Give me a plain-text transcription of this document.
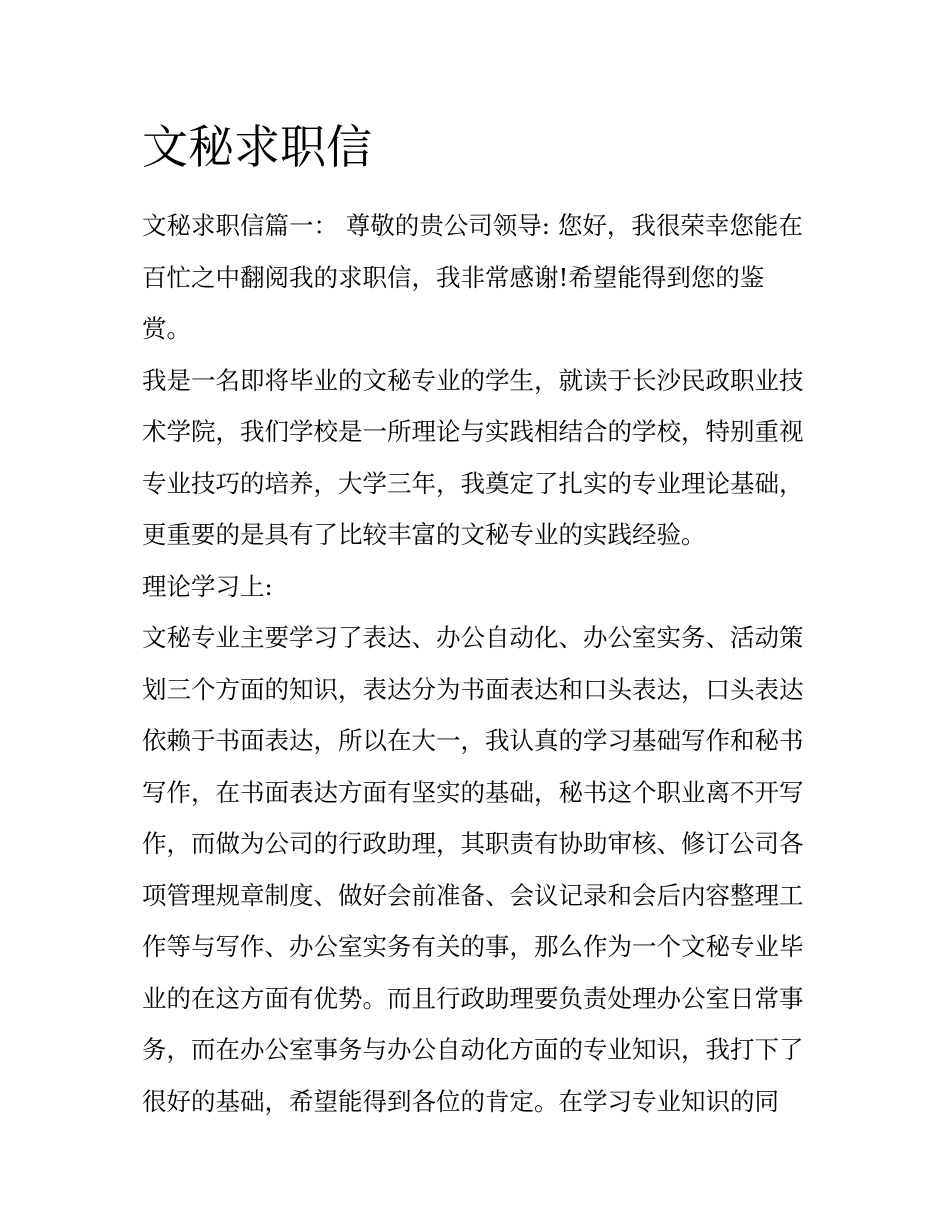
文秘求职信

文秘求职信篇一： 尊敬的贵公司领导: 您好，我很荣幸您能在
百忙之中翻阅我的求职信，我非常感谢!希望能得到您的鉴
赏。

我是一名即将毕业的文秘专业的学生，就读于长沙民政职业技
术学院，我们学校是一所理论与实践相结合的学校，特别重视
专业技巧的培养，大学三年，我奠定了扎实的专业理论基础，
更重要的是具有了比较丰富的文秘专业的实践经验。

理论学习上:

文秘专业主要学习了表达、办公自动化、办公室实务、活动策
划三个方面的知识，表达分为书面表达和口头表达，口头表达
依赖于书面表达，所以在大一，我认真的学习基础写作和秘书
写作，在书面表达方面有坚实的基础，秘书这个职业离不开写
作，而做为公司的行政助理，其职责有协助审核、修订公司各
项管理规章制度、做好会前准备、会议记录和会后内容整理工
作等与写作、办公室实务有关的事，那么作为一个文秘专业毕
业的在这方面有优势。而且行政助理要负责处理办公室日常事
务，而在办公室事务与办公自动化方面的专业知识，我打下了
很好的基础，希望能得到各位的肯定。在学习专业知识的同
